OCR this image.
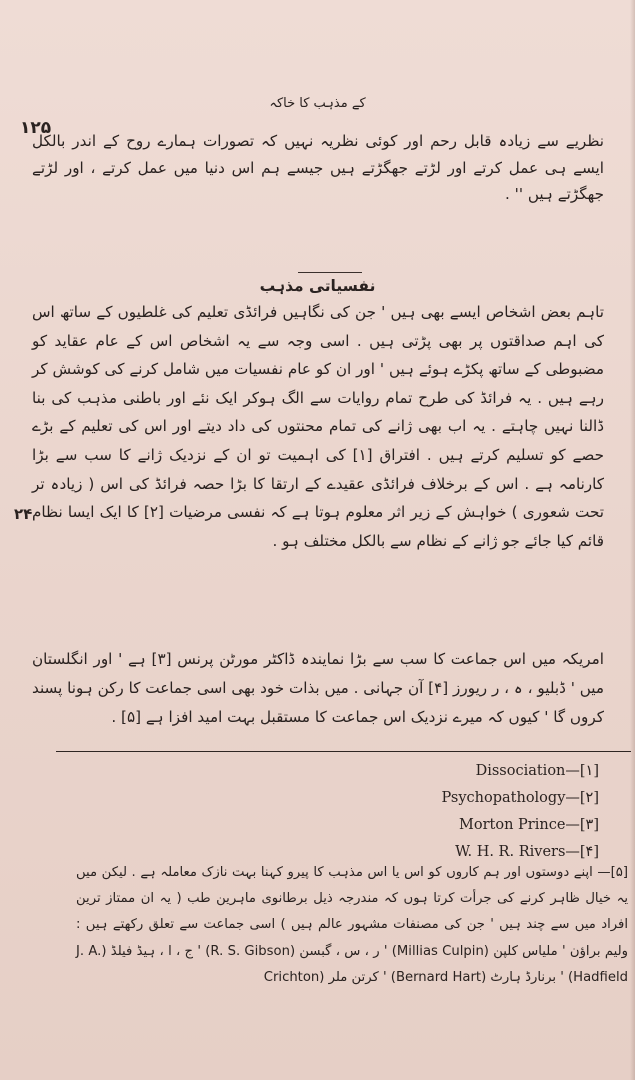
کے مذہب کا خاکہ
۱۲۵

نظریے سے زیادہ قابل رحم اور کوئی نظریہ نہیں کہ تصورات ہمارے روح کے اندر بالکل ایسے ہی عمل کرتے اور لڑتے جھگڑتے ہیں جیسے ہم اس دنیا میں عمل کرتے ، اور لڑتے جھگڑتے ہیں '' .

نفسیاتی مذہب

تاہم بعض اشخاص ایسے بھی ہیں ' جن کی نگاہیں فرائڈی تعلیم کی غلطیوں کے ساتھ اس کی اہم صداقتوں پر بھی پڑتی ہیں . اسی وجہ سے یہ اشخاص اس کے عام عقاید کو مضبوطی کے ساتھ پکڑے ہوئے ہیں ' اور ان کو عام نفسیات میں شامل کرنے کی کوشش کر رہے ہیں . یہ فرائڈ کی طرح تمام روایات سے الگ ہوکر ایک نئے اور باطنی مذہب کی بنا ڈالنا نہیں چاہتے . یہ اب بھی ژانے کی تمام محنتوں کی داد دیتے اور اس کی تعلیم کے بڑے حصے کو تسلیم کرتے ہیں . افتراق [۱] کی اہمیت تو ان کے نزدیک ژانے کا سب سے بڑا کارنامہ ہے . اس کے برخلاف فرائڈی عقیدے کے ارتقا کا بڑا حصہ فرائڈ کی اس ( زیادہ تر تحت شعوری ) خواہش کے زیر اثر معلوم ہوتا ہے کہ نفسی مرضیات [۲] کا ایک ایسا نظام قائم کیا جائے جو ژانے کے نظام سے بالکل مختلف ہو .

۲۴

امریکہ میں اس جماعت کا سب سے بڑا نمایندہ ڈاکٹر مورٹن پرنس [۳] ہے ' اور انگلستان میں ' ڈبلیو ، ہ ، ر ریورز [۴] آن جہانی . میں بذات خود بھی اسی جماعت کا رکن ہونا پسند کروں گا ' کیوں کہ میرے نزدیک اس جماعت کا مستقبل بہت امید افزا ہے [۵] .

Dissociation—[۱]
Psychopathology—[۲]
Morton Prince—[۳]
W. H. R. Rivers—[۴]

[۵]— اپنے دوستوں اور ہم کاروں کو اس یا اس مذہب کا پیرو کہنا بہت نازک معاملہ ہے . لیکن میں یہ خیال ظاہر کرنے کی جرأت کرتا ہوں کہ مندرجہ ذیل برطانوی ماہرین طب ( یہ ان ممتاز ترین افراد میں سے چند ہیں ' جن کی مصنفات مشہور عالم ہیں ) اسی جماعت سے تعلق رکھتے ہیں : ولیم براؤن ' ملیاس کلپن (Millias Culpin) ' ر ، س ، گبسن (R. S. Gibson) ' ج ، ا ، ہیڈ فیلڈ (J. A. Hadfield) ' برنارڈ ہارٹ (Bernard Hart) ' کرتن ملر (Crichton
